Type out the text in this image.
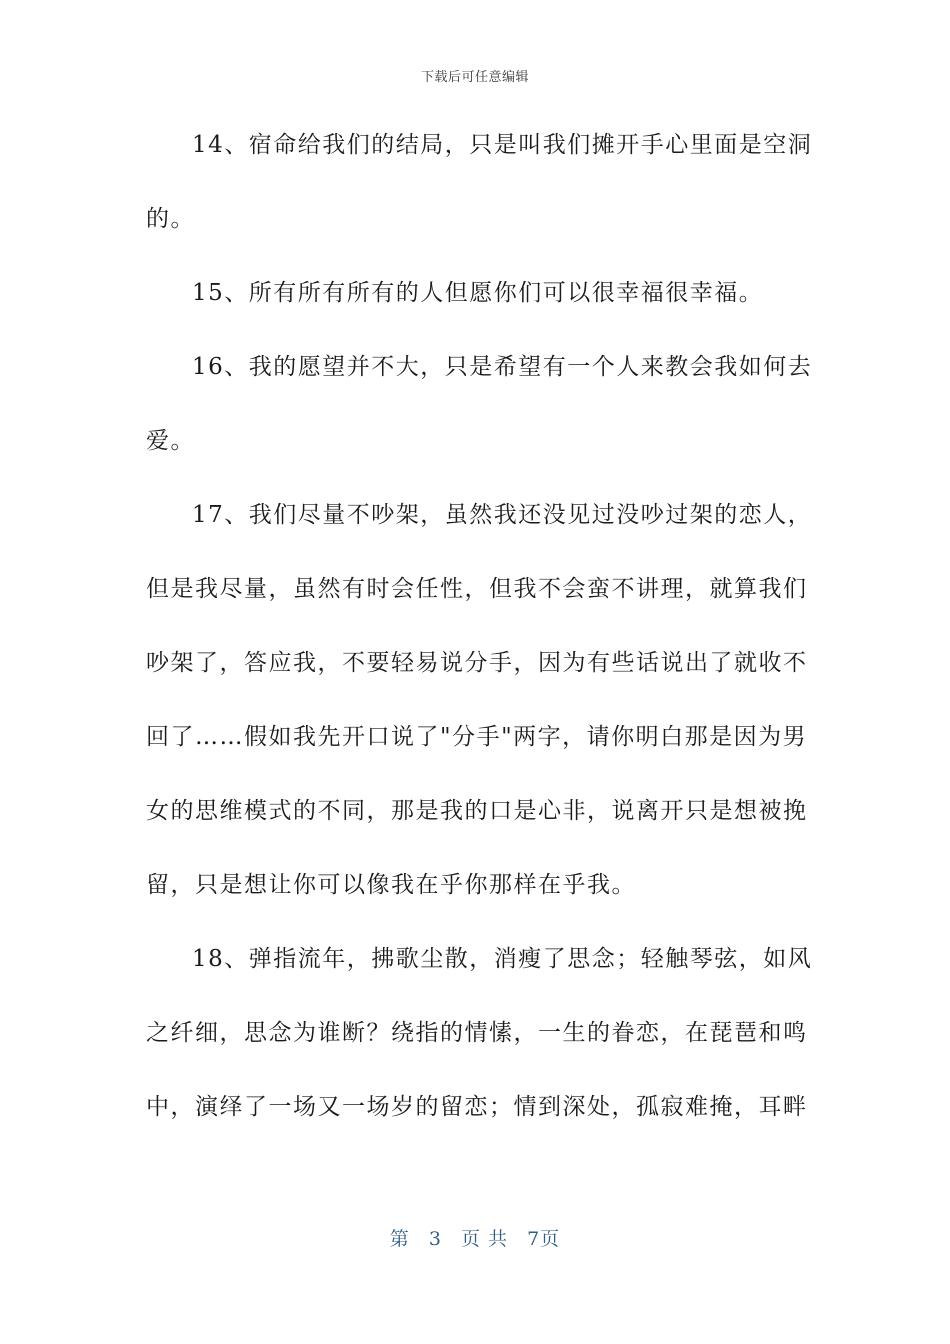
下载后可任意编辑
14、宿命给我们的结局，只是叫我们摊开手心里面是空洞
的。
15、所有所有所有的人但愿你们可以很幸福很幸福。
16、我的愿望并不大，只是希望有一个人来教会我如何去
爱。
17、我们尽量不吵架，虽然我还没见过没吵过架的恋人，
但是我尽量，虽然有时会任性，但我不会蛮不讲理，就算我们
吵架了，答应我，不要轻易说分手，因为有些话说出了就收不
回了……假如我先开口说了"分手"两字，请你明白那是因为男
女的思维模式的不同，那是我的口是心非，说离开只是想被挽
留，只是想让你可以像我在乎你那样在乎我。
18、弹指流年，拂歌尘散，消瘦了思念；轻触琴弦，如风
之纤细，思念为谁断？绕指的情愫，一生的眷恋，在琵琶和鸣
中，演绎了一场又一场岁的留恋；情到深处，孤寂难掩，耳畔
第 3 页 共 7页
